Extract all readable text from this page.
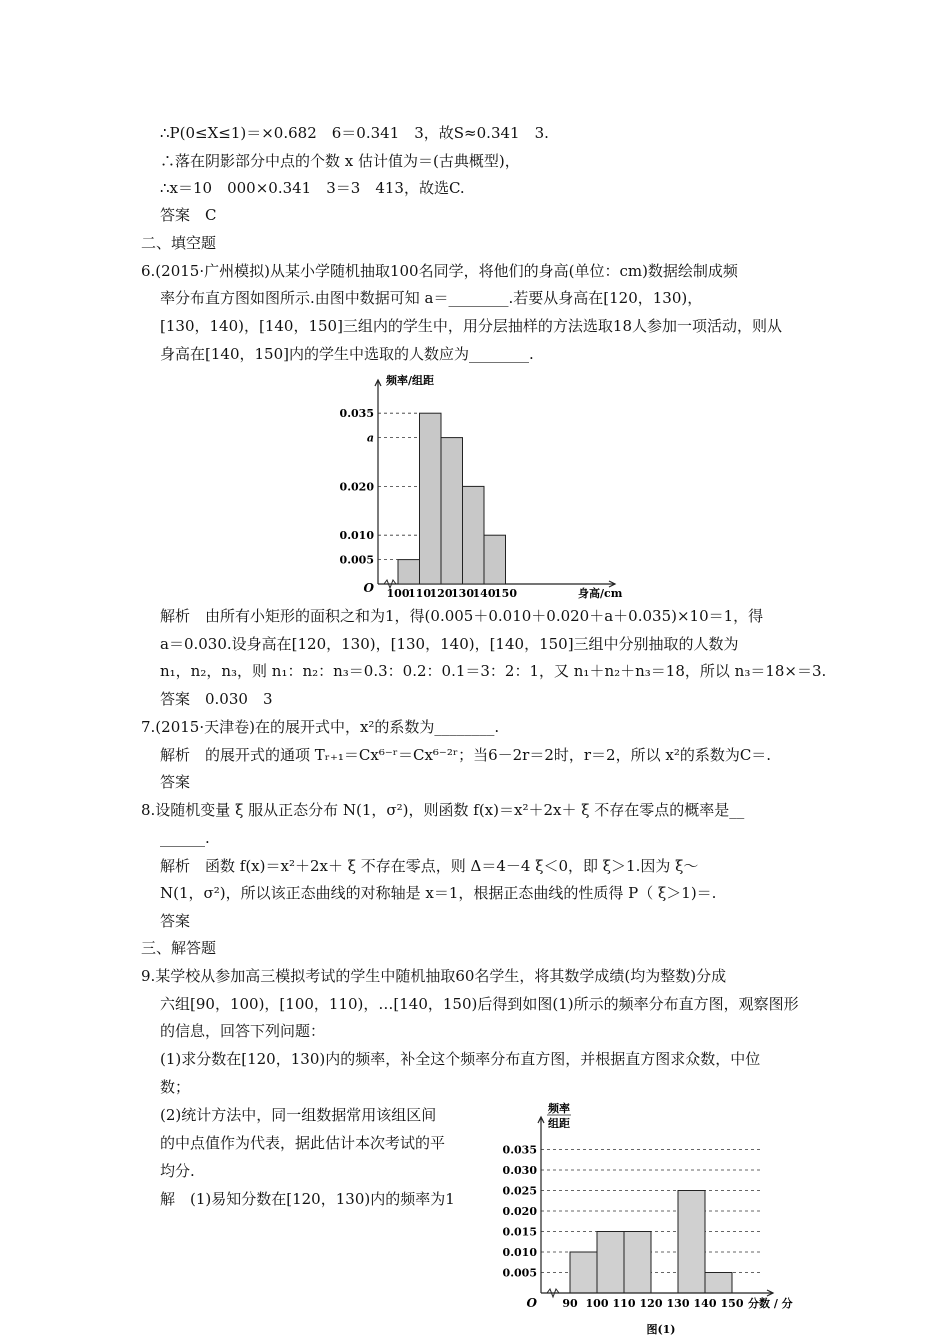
∴P(0≤X≤1)＝×0.682　6＝0.341　3，故S≈0.341　3.
∴落在阴影部分中点的个数 x 估计值为＝(古典概型)，
∴x＝10　000×0.341　3＝3　413，故选C.
答案　C
二、填空题
6.(2015·广州模拟)从某小学随机抽取100名同学，将他们的身高(单位：cm)数据绘制成频
率分布直方图如图所示.由图中数据可知 a＝________.若要从身高在[120，130)，
[130，140)，[140，150]三组内的学生中，用分层抽样的方法选取18人参加一项活动，则从
身高在[140，150]内的学生中选取的人数应为________.
0.035
a
0.020
0.010
0.005
100
110
120
130
140
150
O	身高/cm
频率/组距
解析　由所有小矩形的面积之和为1，得(0.005＋0.010＋0.020＋a＋0.035)×10＝1，得
a＝0.030.设身高在[120，130)，[130，140)，[140，150]三组中分别抽取的人数为
n₁，n₂，n₃，则 n₁：n₂：n₃＝0.3：0.2：0.1＝3：2：1，又 n₁＋n₂＋n₃＝18，所以 n₃＝18×＝3.
答案　0.030　3
7.(2015·天津卷)在的展开式中，x²的系数为________.
解析　的展开式的通项 Tᵣ₊₁＝Cx⁶⁻ʳ＝Cx⁶⁻²ʳ；当6－2r＝2时，r＝2，所以 x²的系数为C＝.
答案
8.设随机变量 ξ 服从正态分布 N(1，σ²)，则函数 f(x)＝x²＋2x＋ ξ 不存在零点的概率是__
______.
解析　函数 f(x)＝x²＋2x＋ ξ 不存在零点，则 Δ＝4－4 ξ＜0，即 ξ＞1.因为 ξ～
N(1，σ²)，所以该正态曲线的对称轴是 x＝1，根据正态曲线的性质得 P（ ξ＞1)＝.
答案
三、解答题
9.某学校从参加高三模拟考试的学生中随机抽取60名学生，将其数学成绩(均为整数)分成
六组[90，100)，[100，110)，…[140，150)后得到如图(1)所示的频率分布直方图，观察图形
的信息，回答下列问题：
(1)求分数在[120，130)内的频率，补全这个频率分布直方图，并根据直方图求众数，中位
数；
(2)统计方法中，同一组数据常用该组区间
的中点值作为代表，据此估计本次考试的平
均分.
解　(1)易知分数在[120，130)内的频率为1
0.035
0.030
0.025
0.020
0.015
0.010
0.005
90 100 110 120 130 140 150
O	分数 / 分
频率
组距
图(1)
